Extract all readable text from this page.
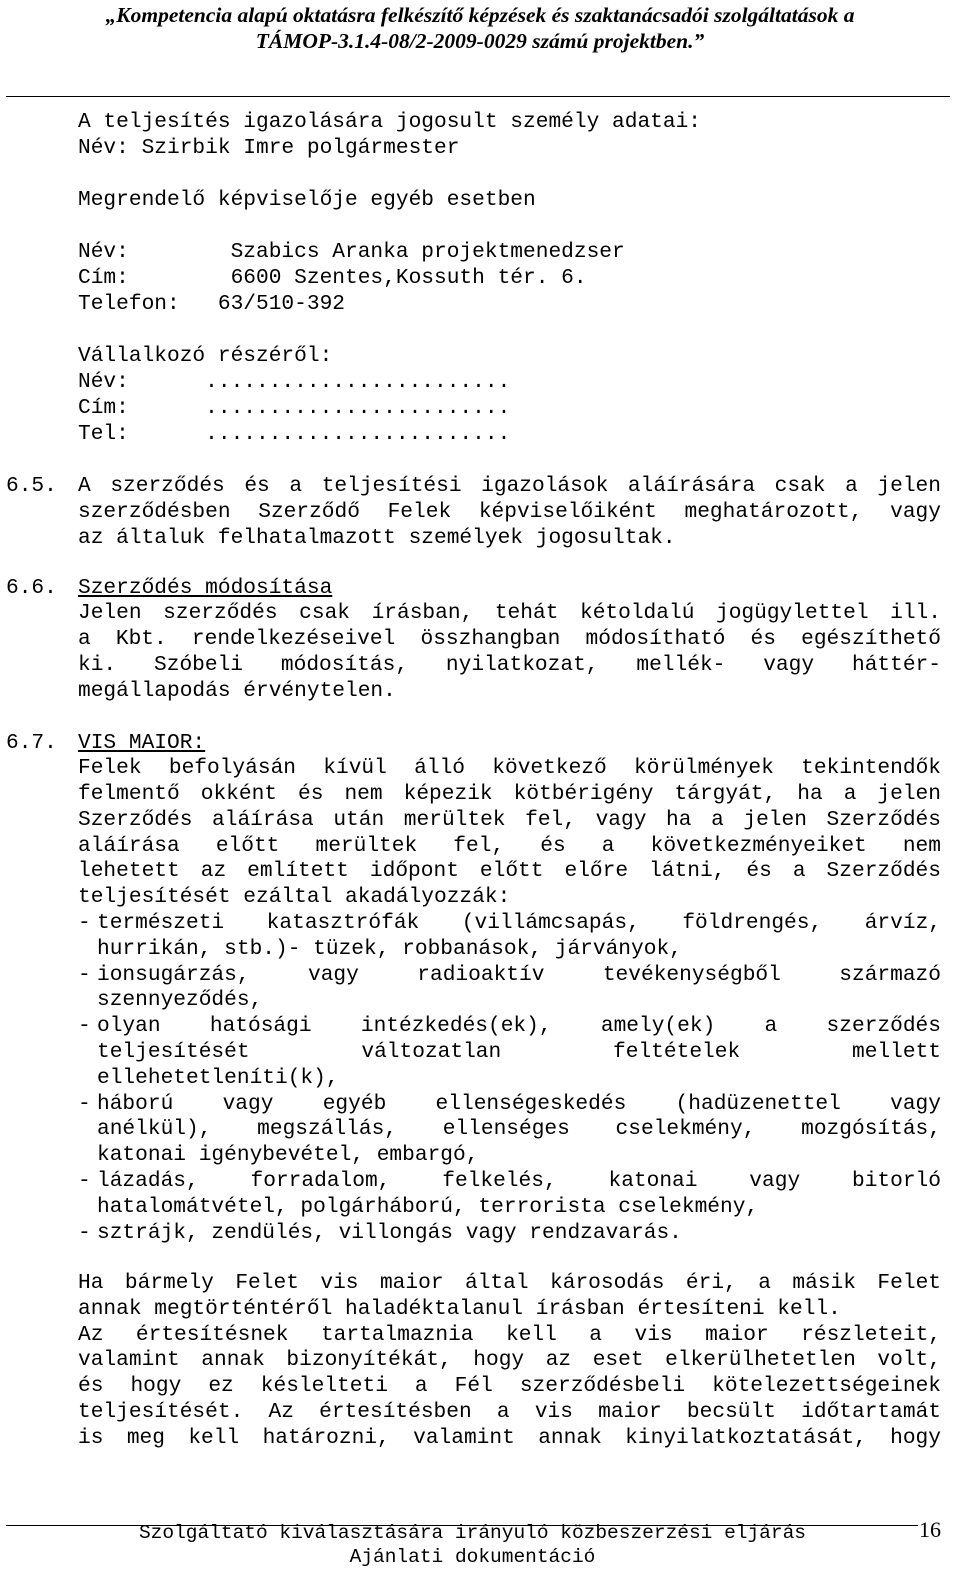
„Kompetencia alapú oktatásra felkészítő képzések és szaktanácsadói szolgáltatások a
TÁMOP-3.1.4-08/2-2009-0029 számú projektben.”
A teljesítés igazolására jogosult személy adatai:
Név: Szirbik Imre polgármester
Megrendelő képviselője egyéb esetben
Név:        Szabics Aranka projektmenedzser
Cím:        6600 Szentes,Kossuth tér. 6.
Telefon:   63/510-392
Vállalkozó részéről:
Név:      ........................
Cím:      ........................
Tel:      ........................
6.5. A szerződés és a teljesítési igazolások aláírására csak a jelen
szerződésben Szerződő Felek képviselőiként meghatározott, vagy
az általuk felhatalmazott személyek jogosultak.
6.6. Szerződés módosítása
Jelen szerződés csak írásban, tehát kétoldalú jogügylettel ill.
a Kbt. rendelkezéseivel összhangban módosítható és egészíthető
ki. Szóbeli módosítás, nyilatkozat, mellék- vagy háttér-
megállapodás érvénytelen.
6.7. VIS MAIOR:
Felek befolyásán kívül álló következő körülmények tekintendők
felmentő okként és nem képezik kötbérigény tárgyát, ha a jelen
Szerződés aláírása után merültek fel, vagy ha a jelen Szerződés
aláírása előtt merültek fel, és a következményeiket nem
lehetett az említett időpont előtt előre látni, és a Szerződés
teljesítését ezáltal akadályozzák:
- természeti katasztrófák (villámcsapás, földrengés, árvíz,
hurrikán, stb.)- tüzek, robbanások, járványok,
- ionsugárzás, vagy radioaktív tevékenységből származó
szennyeződés,
- olyan hatósági intézkedés(ek), amely(ek) a szerződés
teljesítését változatlan feltételek mellett
ellehetetleníti(k),
- háború vagy egyéb ellenségeskedés (hadüzenettel vagy
anélkül), megszállás, ellenséges cselekmény, mozgósítás,
katonai igénybevétel, embargó,
- lázadás, forradalom, felkelés, katonai vagy bitorló
hatalomátvétel, polgárháború, terrorista cselekmény,
- sztrájk, zendülés, villongás vagy rendzavarás.
Ha bármely Felet vis maior által károsodás éri, a másik Felet
annak megtörténtéről haladéktalanul írásban értesíteni kell.
Az értesítésnek tartalmaznia kell a vis maior részleteit,
valamint annak bizonyítékát, hogy az eset elkerülhetetlen volt,
és hogy ez késlelteti a Fél szerződésbeli kötelezettségeinek
teljesítését. Az értesítésben a vis maior becsült időtartamát
is meg kell határozni, valamint annak kinyilatkoztatását, hogy
16
Szolgáltató kiválasztására irányuló közbeszerzési eljárás
Ajánlati dokumentáció
